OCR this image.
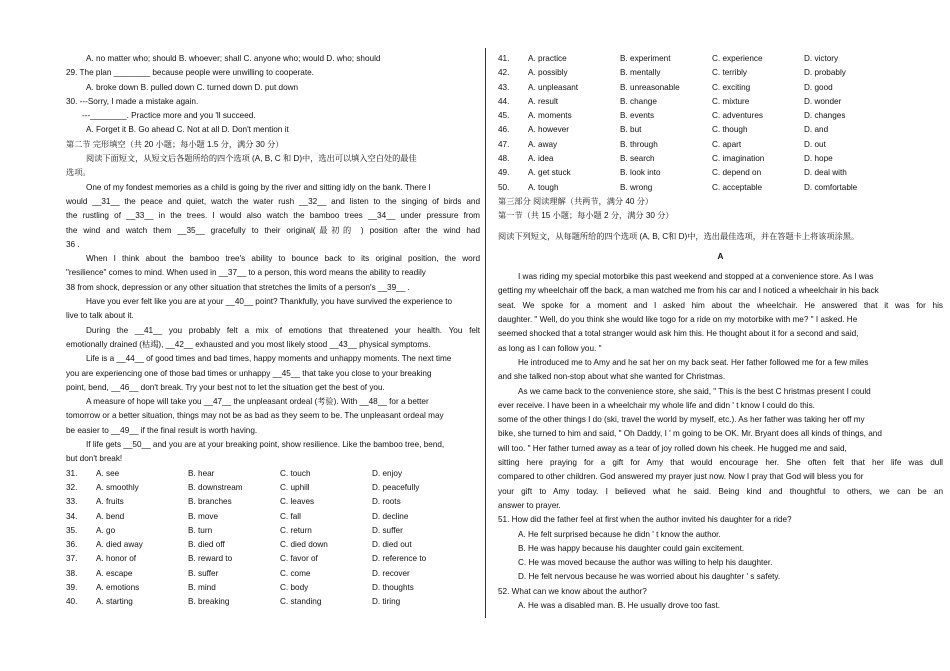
A. no matter who; should B. whoever; shall C. anyone who; would D. who; should
29. The plan ________ because people were unwilling to cooperate.
A. broke down B. pulled down C. turned down D. put down
30. ---Sorry, I made a mistake again.
---________. Practice more and you 'll succeed.
A. Forget it B. Go ahead C. Not at all D. Don't mention it
第二节 完形填空（共 20 小题；每小题 1.5 分，满分 30 分）
阅读下面短文，从短文后各题所给的四个选项 (A, B, C 和 D)中，选出可以填入空白处的最佳
选项。
One of my fondest memories as a child is going by the river and sitting idly on the bank. There I
would __31__ the peace and quiet, watch the water rush __32__ and listen to the singing of birds and
the rustling of __33__ in the trees. I would also watch the bamboo trees __34__ under pressure from
the wind and watch them __35__ gracefully to their original(最初的 ) position after the wind had
36 .
When I think about the bamboo tree's ability to bounce back to its original position, the word
"resilience" comes to mind. When used in __37__ to a person, this word means the ability to readily
38 from shock, depression or any other situation that stretches the limits of a person's __39__ .
Have you ever felt like you are at your __40__ point? Thankfully, you have survived the experience to
live to talk about it.
During the __41__ you probably felt a mix of emotions that threatened your health. You felt
emotionally drained (枯竭), __42__ exhausted and you most likely stood __43__ physical symptoms.
Life is a __44__ of good times and bad times, happy moments and unhappy moments. The next time
you are experiencing one of those bad times or unhappy __45__ that take you close to your breaking
point, bend, __46__ don't break. Try your best not to let the situation get the best of you.
A measure of hope will take you __47__ the unpleasant ordeal (考验). With __48__ for a better
tomorrow or a better situation, things may not be as bad as they seem to be. The unpleasant ordeal may
be easier to __49__ if the final result is worth having.
If life gets __50__ and you are at your breaking point, show resilience. Like the bamboo tree, bend,
but don't break!
31.	A. see	B. hear	C. touch	D. enjoy
32.	A. smoothly	B. downstream	C. uphill	D. peacefully
33.	A. fruits	B. branches	C. leaves	D. roots
34.	A. bend	B. move	C. fall	D. decline
35.	A. go	B. turn	C. return	D. suffer
36.	A. died away	B. died off	C. died down	D. died out
37.	A. honor of	B. reward to	C. favor of	D. reference to
38.	A. escape	B. suffer	C. come	D. recover
39.	A. emotions	B. mind	C. body	D. thoughts
40.	A. starting	B. breaking	C. standing	D. tiring
41.	A. practice	B. experiment	C. experience	D. victory
42.	A. possibly	B. mentally	C. terribly	D. probably
43.	A. unpleasant	B. unreasonable	C. exciting	D. good
44.	A. result	B. change	C. mixture	D. wonder
45.	A. moments	B. events	C. adventures	D. changes
46.	A. however	B. but	C. though	D. and
47.	A. away	B. through	C. apart	D. out
48.	A. idea	B. search	C. imagination	D. hope
49.	A. get stuck	B. look into	C. depend on	D. deal with
50.	A. tough	B. wrong	C. acceptable	D. comfortable
第三部分 阅读理解（共两节，满分 40 分）
第一节（共 15 小题；每小题 2 分，满分 30 分）
阅读下列短文，从每题所给的四个选项 (A, B, C和 D)中，选出最佳选项，并在答题卡上将该项涂黑。
A
I was riding my special motorbike this past weekend and stopped at a convenience store. As I was
getting my wheelchair off the back, a man watched me from his car and I noticed a wheelchair in his back
seat. We spoke for a moment and I asked him about the wheelchair. He answered that it was for his
daughter. " Well, do you think she would like togo for a ride on my motorbike with me? " I asked. He
seemed shocked that a total stranger would ask him this. He thought about it for a second and said,
as long as I can follow you. "
He introduced me to Amy and he sat her on my back seat. Her father followed me for a few miles
and she talked non-stop about what she wanted for Christmas.
As we came back to the convenience store, she said, " This is the best C hristmas present I could
ever receive. I have been in a wheelchair my whole life and didn ' t know I could do this.
some of the other things I do (ski, travel the world by myself, etc.). As her father was taking her off my
bike, she turned to him and said, " Oh Daddy, I ' m going to be OK. Mr. Bryant does all kinds of things, and
will too. " Her father turned away as a tear of joy rolled down his cheek. He hugged me and said,
sitting here praying for a gift for Amy that would encourage her. She often felt that her life was dull
compared to other children. God answered my prayer just now. Now I pray that God will bless you for
your gift to Amy today. I believed what he said. Being kind and thoughtful to others, we can be an
answer to prayer.
51. How did the father feel at first when the author invited his daughter for a ride?
A. He felt surprised because he didn ' t know the author.
B. He was happy because his daughter could gain excitement.
C. He was moved because the author was willing to help his daughter.
D. He felt nervous because he was worried about his daughter ' s safety.
52. What can we know about the author?
A. He was a disabled man. B. He usually drove too fast.
